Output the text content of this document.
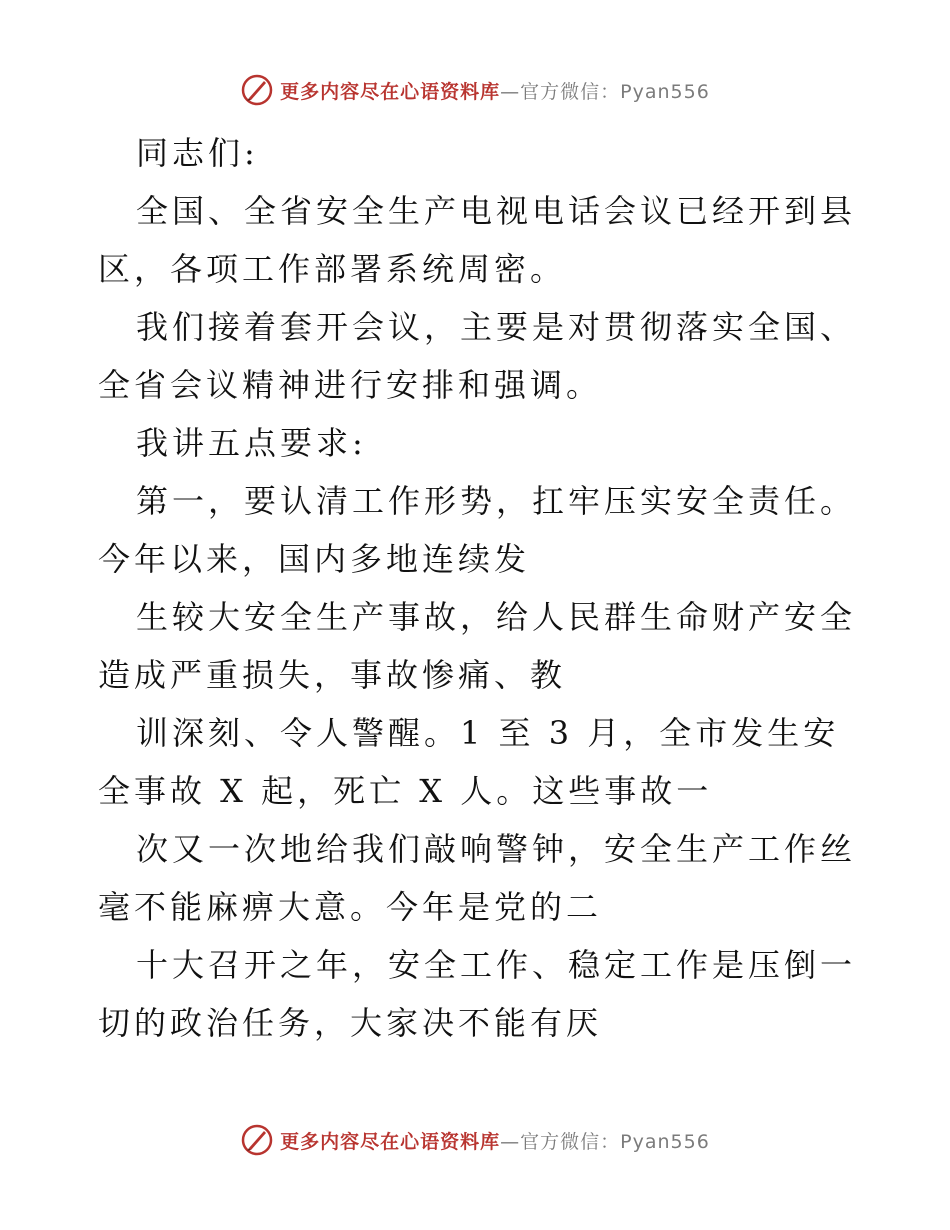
更多内容尽在心语资料库—官方微信：Pyan556

同志们:

全国、全省安全生产电视电话会议已经开到县区，各项工作部署系统周密。

我们接着套开会议，主要是对贯彻落实全国、全省会议精神进行安排和强调。

我讲五点要求:

第一，要认清工作形势，扛牢压实安全责任。今年以来，国内多地连续发

生较大安全生产事故，给人民群生命财产安全造成严重损失，事故惨痛、教

训深刻、令人警醒。1 至 3 月，全市发生安全事故 X 起，死亡 X 人。这些事故一

次又一次地给我们敲响警钟，安全生产工作丝毫不能麻痹大意。今年是党的二

十大召开之年，安全工作、稳定工作是压倒一切的政治任务，大家决不能有厌

更多内容尽在心语资料库—官方微信：Pyan556
